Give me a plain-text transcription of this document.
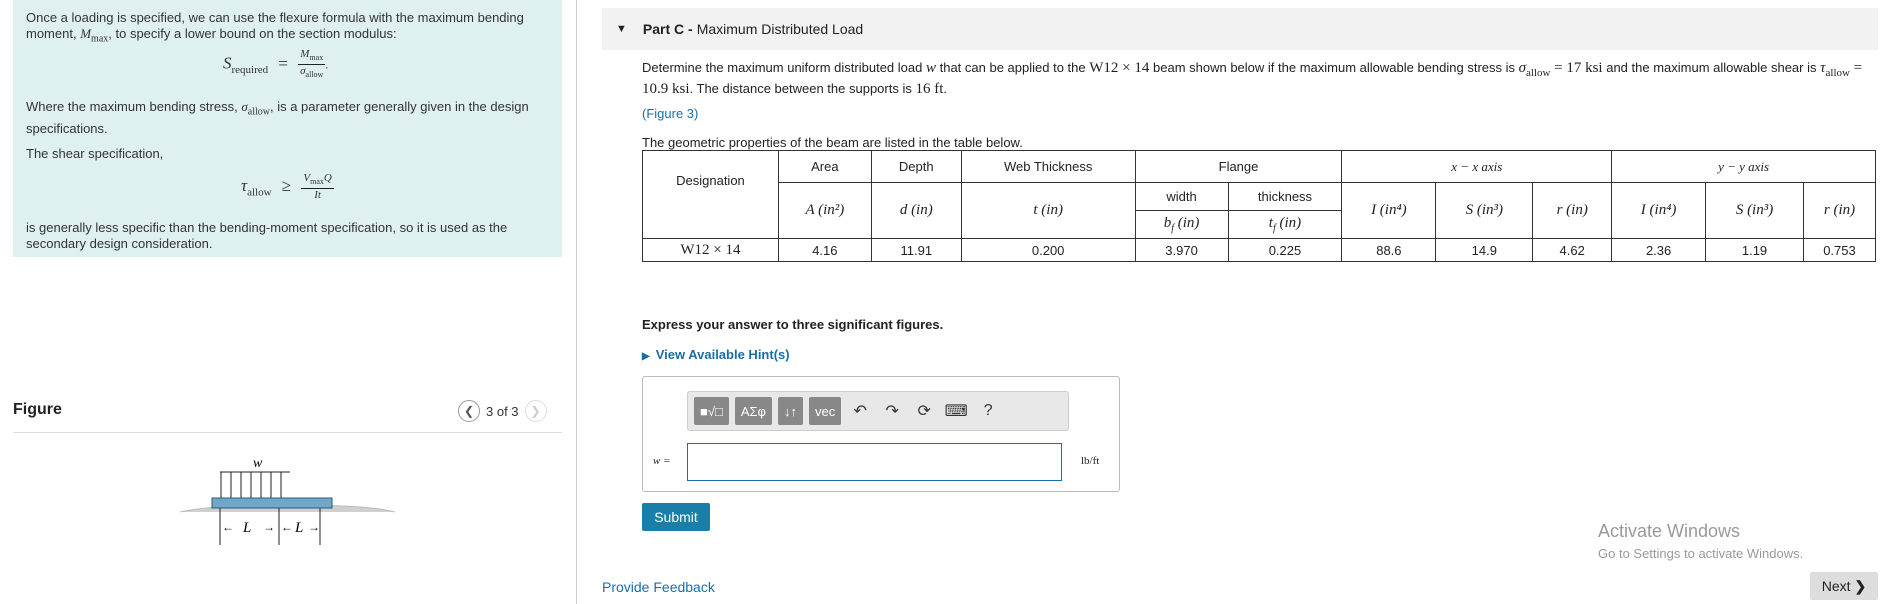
Once a loading is specified, we can use the flexure formula with the maximum bending moment, $M_{max}$, to specify a lower bound on the section modulus:

$S_{required} = \frac{M_{max}}{\sigma_{allow}}$ .

Where the maximum bending stress, $\sigma_{allow}$, is a parameter generally given in the design specifications.

The shear specification,

$\tau_{allow} \ge \frac{V_{max}Q}{It}$

is generally less specific than the bending-moment specification, so it is used as the secondary design consideration.

Figure	❮ 3 of 3 ❯
w
← L → ← L →
▼ Part C - Maximum Distributed Load
Determine the maximum uniform distributed load w that can be applied to the W12 × 14 beam shown below if the maximum allowable bending stress is $\sigma_{allow} = 17$ ksi and the maximum allowable shear is $\tau_{allow} = 10.9$ ksi. The distance between the supports is 16 ft.
(Figure 3)
The geometric properties of the beam are listed in the table below.
Designation	Area	Depth	Web Thickness	Flange		x − x axis			y − y axis		
	A (in²)	d (in)	t (in)	width	thickness	I (in⁴)	S (in³)	r (in)	I (in⁴)	S (in³)	r (in)
				$b_f$ (in)	$t_f$ (in)						
W12 × 14	4.16	11.91	0.200	3.970	0.225	88.6	14.9	4.62	2.36	1.19	0.753
Express your answer to three significant figures.
▶ View Available Hint(s)
■√□ ΑΣφ ↓↑ vec ↶ ↷ ⟳ ⌨ ?
w =	lb/ft
Submit
Provide Feedback
Activate Windows
Go to Settings to activate Windows.
Next ❯
